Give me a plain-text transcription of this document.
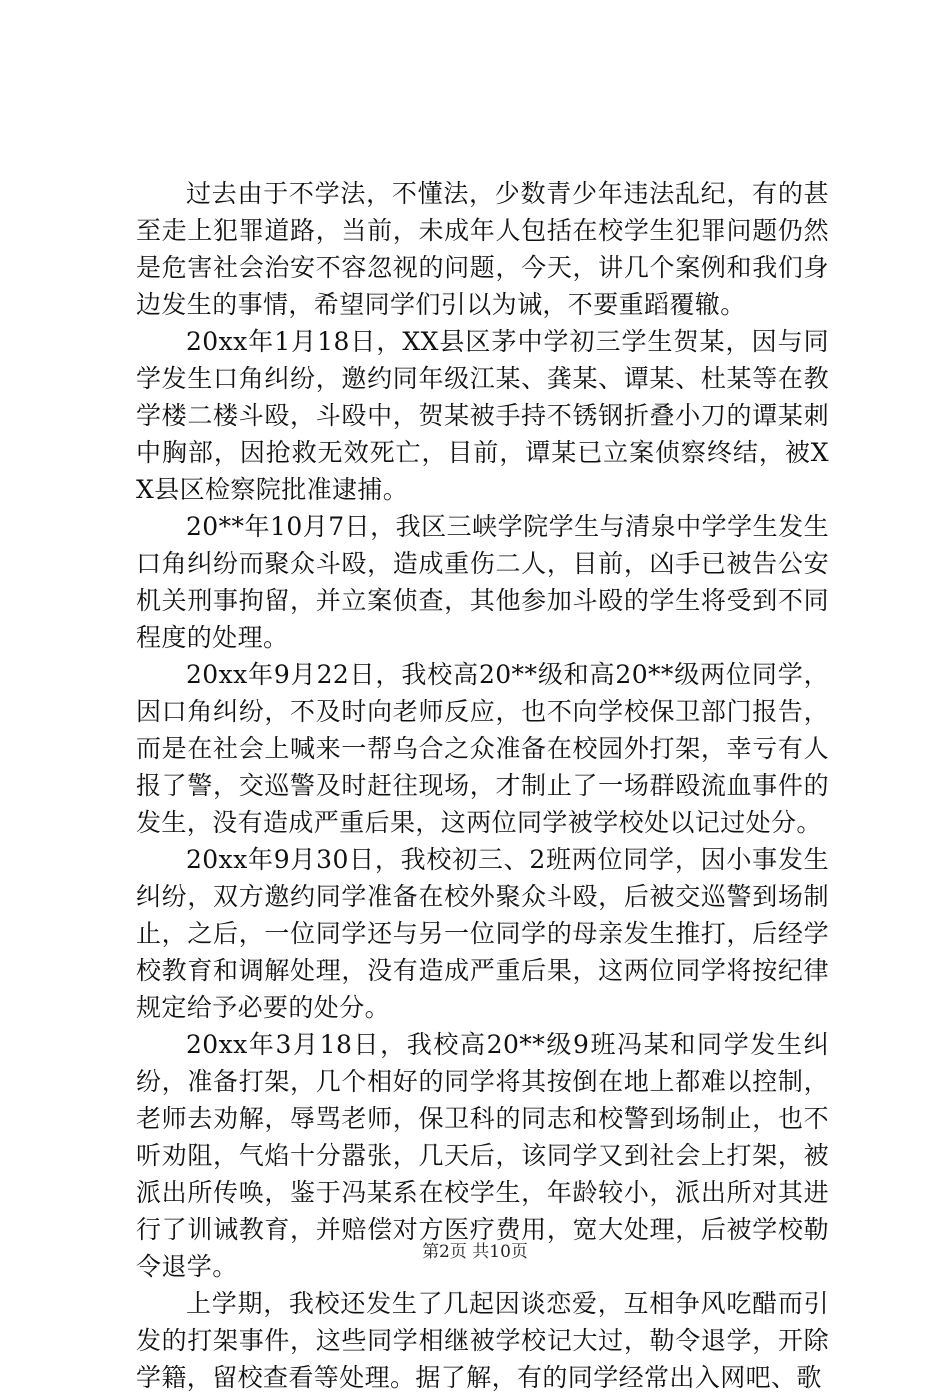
过去由于不学法，不懂法，少数青少年违法乱纪，有的甚至走上犯罪道路，当前，未成年人包括在校学生犯罪问题仍然是危害社会治安不容忽视的问题，今天，讲几个案例和我们身边发生的事情，希望同学们引以为诫，不要重蹈覆辙。

20xx年1月18日，XX县区茅中学初三学生贺某，因与同学发生口角纠纷，邀约同年级江某、龚某、谭某、杜某等在教学楼二楼斗殴，斗殴中，贺某被手持不锈钢折叠小刀的谭某刺中胸部，因抢救无效死亡，目前，谭某已立案侦察终结，被XX县区检察院批准逮捕。

20**年10月7日，我区三峡学院学生与清泉中学学生发生口角纠纷而聚众斗殴，造成重伤二人，目前，凶手已被告公安机关刑事拘留，并立案侦查，其他参加斗殴的学生将受到不同程度的处理。

20xx年9月22日，我校高20**级和高20**级两位同学，因口角纠纷，不及时向老师反应，也不向学校保卫部门报告，而是在社会上喊来一帮乌合之众准备在校园外打架，幸亏有人报了警，交巡警及时赶往现场，才制止了一场群殴流血事件的发生，没有造成严重后果，这两位同学被学校处以记过处分。

20xx年9月30日，我校初三、2班两位同学，因小事发生纠纷，双方邀约同学准备在校外聚众斗殴，后被交巡警到场制止，之后，一位同学还与另一位同学的母亲发生推打，后经学校教育和调解处理，没有造成严重后果，这两位同学将按纪律规定给予必要的处分。

20xx年3月18日，我校高20**级9班冯某和同学发生纠纷，准备打架，几个相好的同学将其按倒在地上都难以控制，老师去劝解，辱骂老师，保卫科的同志和校警到场制止，也不听劝阻，气焰十分嚣张，几天后，该同学又到社会上打架，被派出所传唤，鉴于冯某系在校学生，年龄较小，派出所对其进行了训诫教育，并赔偿对方医疗费用，宽大处理，后被学校勒令退学。

上学期，我校还发生了几起因谈恋爱，互相争风吃醋而引发的打架事件，这些同学相继被学校记大过，勒令退学，开除学籍，留校查看等处理。据了解，有的同学经常出入网吧、歌

第2页 共10页
